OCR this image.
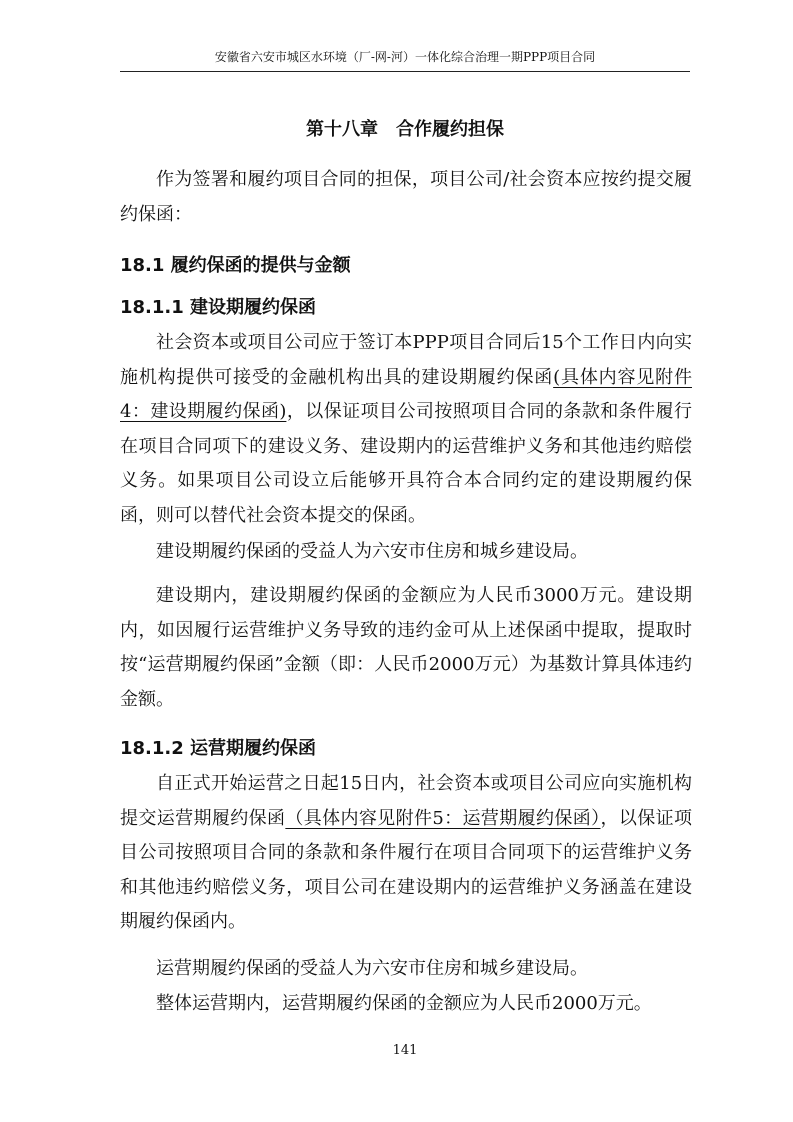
安徽省六安市城区水环境（厂-网-河）一体化综合治理一期PPP项目合同
第十八章　合作履约担保

作为签署和履约项目合同的担保，项目公司/社会资本应按约提交履约保函：

18.1 履约保函的提供与金额
18.1.1 建设期履约保函

社会资本或项目公司应于签订本PPP项目合同后15个工作日内向实施机构提供可接受的金融机构出具的建设期履约保函(具体内容见附件4：建设期履约保函)，以保证项目公司按照项目合同的条款和条件履行在项目合同项下的建设义务、建设期内的运营维护义务和其他违约赔偿义务。如果项目公司设立后能够开具符合本合同约定的建设期履约保函，则可以替代社会资本提交的保函。

建设期履约保函的受益人为六安市住房和城乡建设局。

建设期内，建设期履约保函的金额应为人民币3000万元。建设期内，如因履行运营维护义务导致的违约金可从上述保函中提取，提取时按“运营期履约保函”金额（即：人民币2000万元）为基数计算具体违约金额。

18.1.2 运营期履约保函

自正式开始运营之日起15日内，社会资本或项目公司应向实施机构提交运营期履约保函（具体内容见附件5：运营期履约保函），以保证项目公司按照项目合同的条款和条件履行在项目合同项下的运营维护义务和其他违约赔偿义务，项目公司在建设期内的运营维护义务涵盖在建设期履约保函内。

运营期履约保函的受益人为六安市住房和城乡建设局。

整体运营期内，运营期履约保函的金额应为人民币2000万元。

141
